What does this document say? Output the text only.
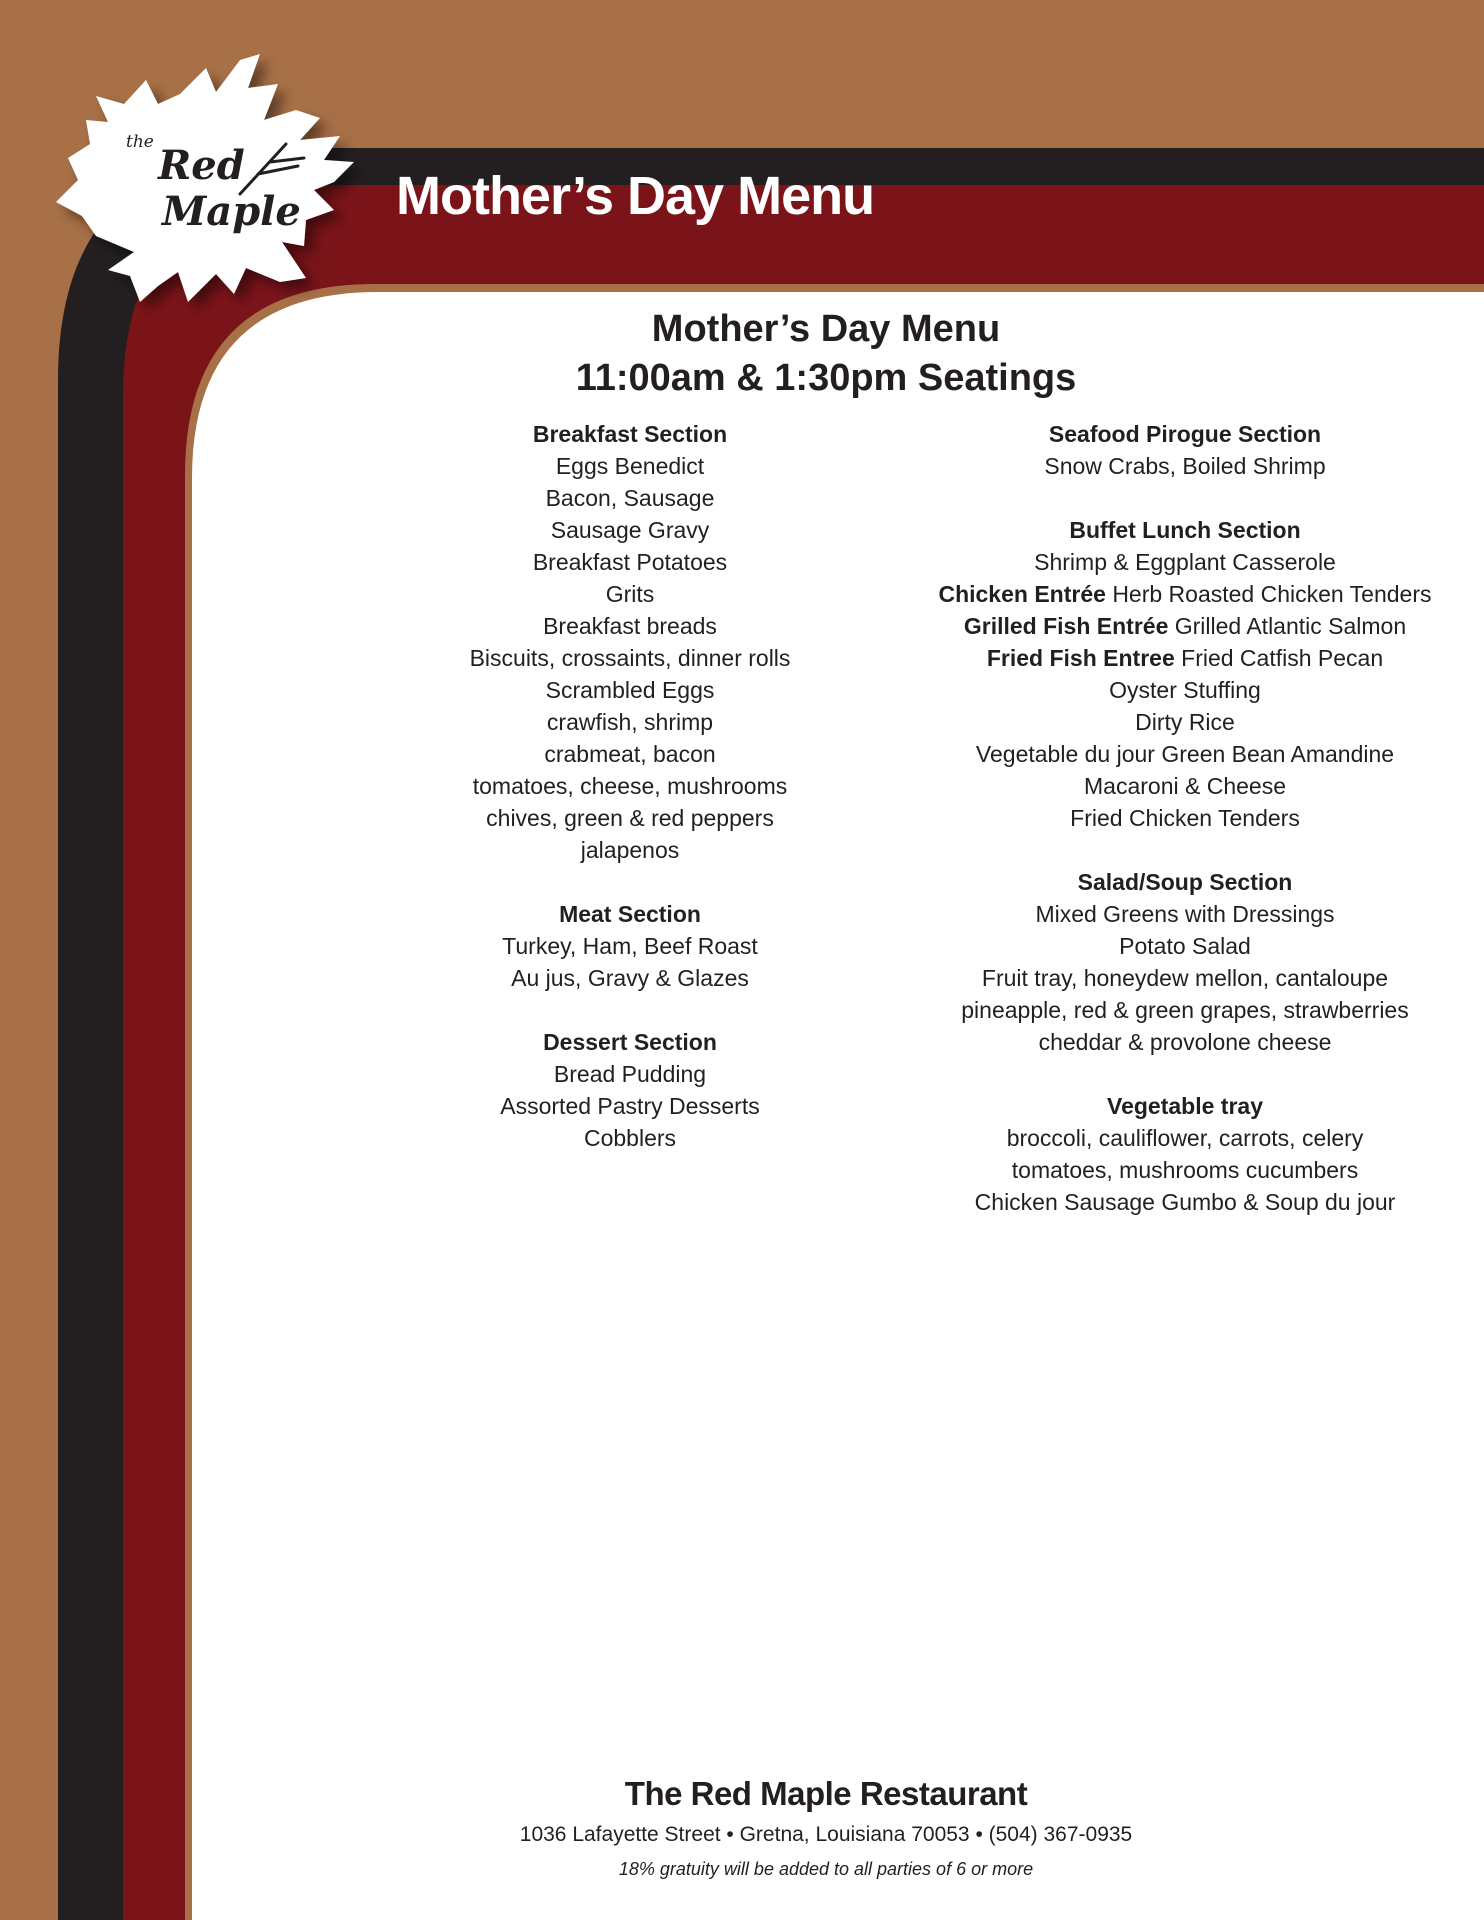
the Red
Maple Mother’s Day Menu
Mother’s Day Menu
11:00am & 1:30pm Seatings
Breakfast Section
Eggs Benedict
Bacon, Sausage
Sausage Gravy
Breakfast Potatoes
Grits
Breakfast breads
Biscuits, crossaints, dinner rolls
Scrambled Eggs
crawfish, shrimp
crabmeat, bacon
tomatoes, cheese, mushrooms
chives, green & red peppers
jalapenos
Meat Section
Turkey, Ham, Beef Roast
Au jus, Gravy & Glazes
Dessert Section
Bread Pudding
Assorted Pastry Desserts
Cobblers
Seafood Pirogue Section
Snow Crabs, Boiled Shrimp
Buffet Lunch Section
Shrimp & Eggplant Casserole
Chicken Entrée Herb Roasted Chicken Tenders
Grilled Fish Entrée Grilled Atlantic Salmon
Fried Fish Entree Fried Catfish Pecan
Oyster Stuffing
Dirty Rice
Vegetable du jour Green Bean Amandine
Macaroni & Cheese
Fried Chicken Tenders
Salad/Soup Section
Mixed Greens with Dressings
Potato Salad
Fruit tray, honeydew mellon, cantaloupe
pineapple, red & green grapes, strawberries
cheddar & provolone cheese
Vegetable tray
broccoli, cauliflower, carrots, celery
tomatoes, mushrooms cucumbers
Chicken Sausage Gumbo & Soup du jour
The Red Maple Restaurant
1036 Lafayette Street • Gretna, Louisiana 70053 • (504) 367-0935
18% gratuity will be added to all parties of 6 or more
